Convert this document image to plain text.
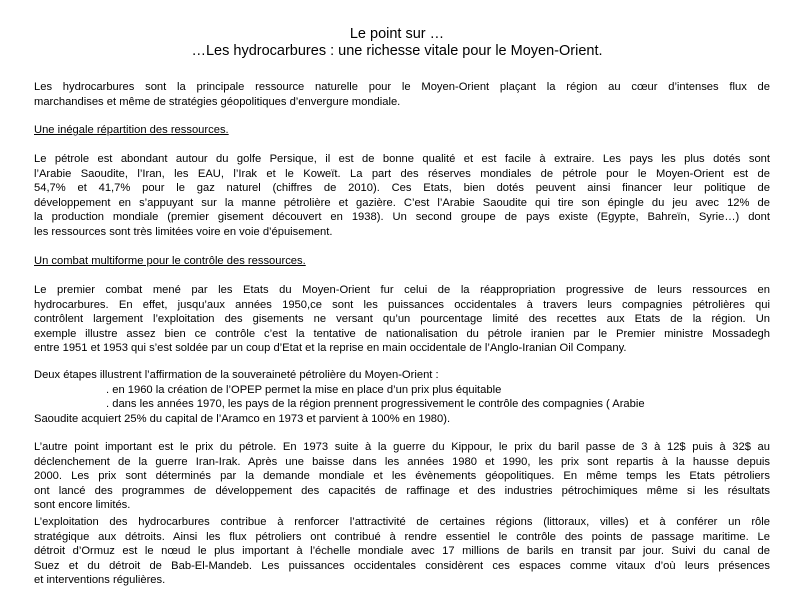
Le point sur …
…Les hydrocarbures : une richesse vitale pour le Moyen-Orient.
Les hydrocarbures sont la principale ressource naturelle pour le Moyen-Orient plaçant la région au cœur d’intenses flux de
marchandises et même de stratégies géopolitiques d’envergure mondiale.
Une inégale répartition des ressources.
Le pétrole est abondant autour du golfe Persique, il est de bonne qualité et est facile à extraire. Les pays les plus dotés sont
l’Arabie Saoudite, l’Iran, les EAU, l’Irak et le Koweït. La part des réserves mondiales de pétrole pour le Moyen-Orient est de
54,7% et 41,7% pour le gaz naturel (chiffres de 2010). Ces Etats, bien dotés peuvent ainsi financer leur politique de
développement en s’appuyant sur la manne pétrolière et gazière. C’est l’Arabie Saoudite qui tire son épingle du jeu avec 12% de
la production mondiale (premier gisement découvert en 1938). Un second groupe de pays existe (Egypte, Bahreïn, Syrie…) dont
les ressources sont très limitées voire en voie d’épuisement.
Un combat multiforme pour le contrôle des ressources.
Le premier combat mené par les Etats du Moyen-Orient fur celui de la réappropriation progressive de leurs ressources en
hydrocarbures. En effet, jusqu’aux années 1950,ce sont les puissances occidentales à travers leurs compagnies pétrolières qui
contrôlent largement l’exploitation des gisements ne versant qu’un pourcentage limité des recettes aux Etats de la région. Un
exemple illustre assez bien ce contrôle c’est la tentative de nationalisation du pétrole iranien par le Premier ministre Mossadegh
entre 1951 et 1953 qui s’est soldée par un coup d’Etat et la reprise en main occidentale de l’Anglo-Iranian Oil Company.
Deux étapes illustrent l’affirmation de la souveraineté pétrolière du Moyen-Orient :
. en 1960 la création de l’OPEP permet la mise en place d’un prix plus équitable
. dans les années 1970, les pays de la région prennent progressivement le contrôle des compagnies ( Arabie
Saoudite acquiert 25% du capital de l’Aramco en 1973 et parvient à 100% en 1980).
L’autre point important est le prix du pétrole. En 1973 suite à la guerre du Kippour, le prix du baril passe de 3 à 12$ puis à 32$ au
déclenchement de la guerre Iran-Irak. Après une baisse dans les années 1980 et 1990, les prix sont repartis à la hausse depuis
2000. Les prix sont déterminés par la demande mondiale et les évènements géopolitiques. En même temps les Etats pétroliers
ont lancé des programmes de développement des capacités de raffinage et des industries pétrochimiques même si les résultats
sont encore limités.
L’exploitation des hydrocarbures contribue à renforcer l’attractivité de certaines régions (littoraux, villes) et à conférer un rôle
stratégique aux détroits. Ainsi les flux pétroliers ont contribué à rendre essentiel le contrôle des points de passage maritime. Le
détroit d’Ormuz est le nœud le plus important à l’échelle mondiale avec 17 millions de barils en transit par jour. Suivi du canal de
Suez et du détroit de Bab-El-Mandeb. Les puissances occidentales considèrent ces espaces comme vitaux d’où leurs présences
et interventions régulières.
